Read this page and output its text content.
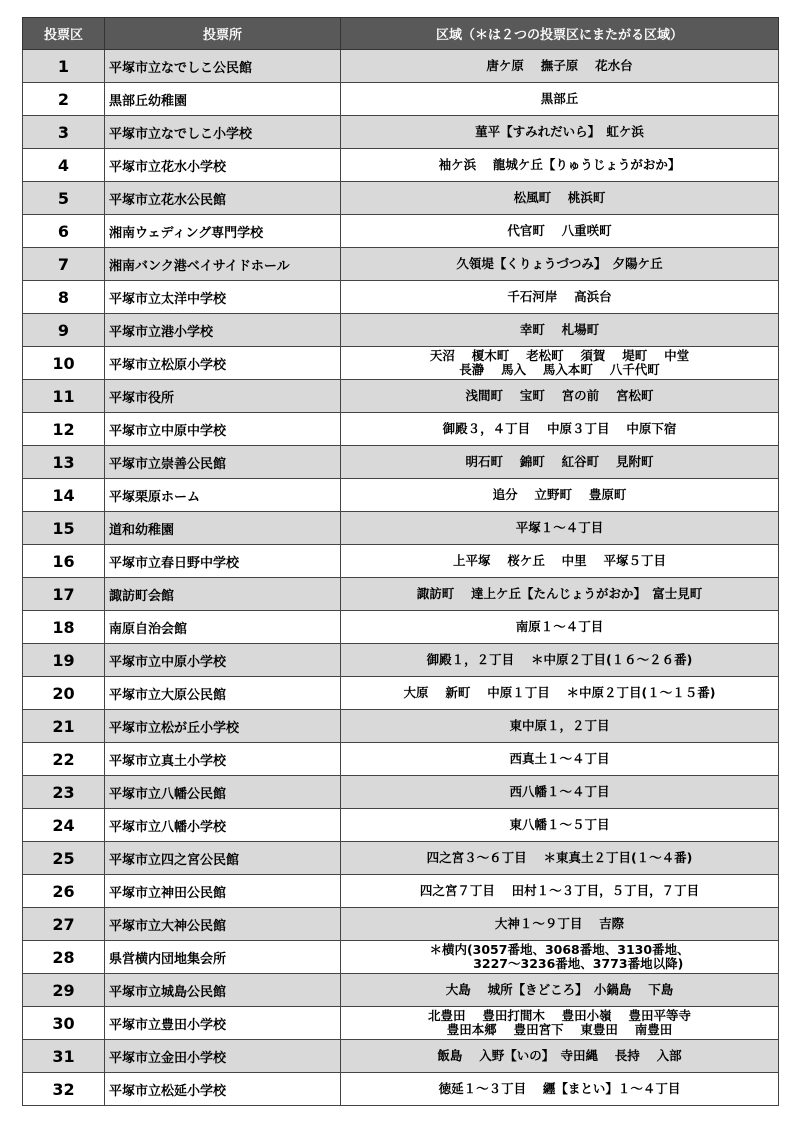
投票区	投票所	区域（＊は２つの投票区にまたがる区域）
1	平塚市立なでしこ公民館	唐ケ原　 撫子原　 花水台
2	黒部丘幼稚園	黒部丘
3	平塚市立なでしこ小学校	菫平【すみれだいら】　虹ケ浜
4	平塚市立花水小学校	袖ケ浜　 龍城ケ丘【りゅうじょうがおか】
5	平塚市立花水公民館	松風町　 桃浜町
6	湘南ウェディング専門学校	代官町　 八重咲町
7	湘南バンク港ベイサイドホール	久領堤【くりょうづつみ】　夕陽ケ丘
8	平塚市立太洋中学校	千石河岸　 高浜台
9	平塚市立港小学校	幸町　 札場町
10	平塚市立松原小学校	天沼　 榎木町　 老松町　 須賀　 堤町　 中堂
長瀞　 馬入　 馬入本町　 八千代町
11	平塚市役所	浅間町　 宝町　 宮の前　 宮松町
12	平塚市立中原中学校	御殿３，４丁目　 中原３丁目　 中原下宿
13	平塚市立崇善公民館	明石町　 錦町　 紅谷町　 見附町
14	平塚栗原ホーム	追分　 立野町　 豊原町
15	道和幼稚園	平塚１～４丁目
16	平塚市立春日野中学校	上平塚　 桜ケ丘　 中里　 平塚５丁目
17	諏訪町会館	諏訪町　 達上ケ丘【たんじょうがおか】　富士見町
18	南原自治会館	南原１～４丁目
19	平塚市立中原小学校	御殿１，２丁目　 ＊中原２丁目(１６～２６番)
20	平塚市立大原公民館	大原　 新町　 中原１丁目　 ＊中原２丁目(１～１５番)
21	平塚市立松が丘小学校	東中原１，２丁目
22	平塚市立真土小学校	西真土１～４丁目
23	平塚市立八幡公民館	西八幡１～４丁目
24	平塚市立八幡小学校	東八幡１～５丁目
25	平塚市立四之宮公民館	四之宮３～６丁目　 ＊東真土２丁目(１～４番)
26	平塚市立神田公民館	四之宮７丁目　 田村１～３丁目，５丁目，７丁目
27	平塚市立大神公民館	大神１～９丁目　 吉際
28	県営横内団地集会所	＊横内(3057番地、3068番地、3130番地、
　　　3227～3236番地、3773番地以降)
29	平塚市立城島公民館	大島　 城所【きどころ】　小鍋島　 下島
30	平塚市立豊田小学校	北豊田　 豊田打間木　 豊田小嶺　 豊田平等寺
豊田本郷　 豊田宮下　 東豊田　 南豊田
31	平塚市立金田小学校	飯島　 入野【いの】　寺田縄　 長持　 入部
32	平塚市立松延小学校	徳延１～３丁目　 纒【まとい】１～４丁目
